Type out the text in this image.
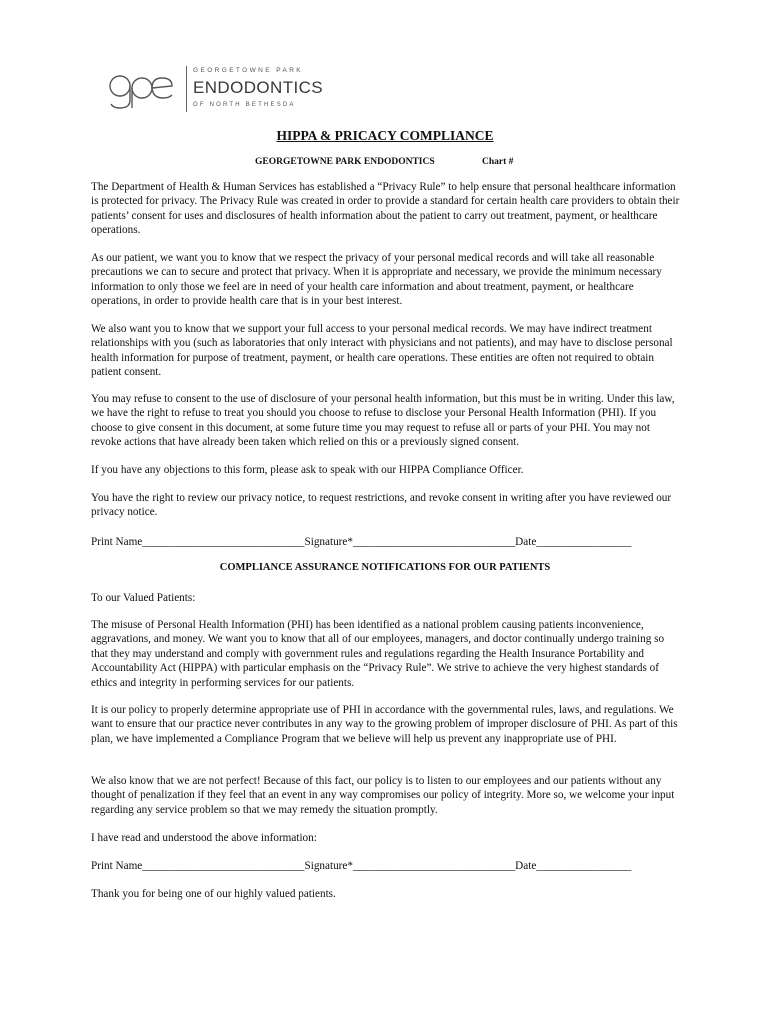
GEORGETOWNE PARK
ENDODONTICS
OF NORTH BETHESDA
HIPPA & PRICACY COMPLIANCE
GEORGETOWNE PARK ENDODONTICS	Chart #

The Department of Health & Human Services has established a “Privacy Rule” to help ensure that personal healthcare information is protected for privacy. The Privacy Rule was created in order to provide a standard for certain health care providers to obtain their patients’ consent for uses and disclosures of health information about the patient to carry out treatment, payment, or healthcare operations.

As our patient, we want you to know that we respect the privacy of your personal medical records and will take all reasonable precautions we can to secure and protect that privacy. When it is appropriate and necessary, we provide the minimum necessary information to only those we feel are in need of your health care information and about treatment, payment, or healthcare operations, in order to provide health care that is in your best interest.

We also want you to know that we support your full access to your personal medical records. We may have indirect treatment relationships with you (such as laboratories that only interact with physicians and not patients), and may have to disclose personal health information for purpose of treatment, payment, or health care operations. These entities are often not required to obtain patient consent.

You may refuse to consent to the use of disclosure of your personal health information, but this must be in writing. Under this law, we have the right to refuse to treat you should you choose to refuse to disclose your Personal Health Information (PHI). If you choose to give consent in this document, at some future time you may request to refuse all or parts of your PHI. You may not revoke actions that have already been taken which relied on this or a previously signed consent.

If you have any objections to this form, please ask to speak with our HIPPA Compliance Officer.

You have the right to review our privacy notice, to request restrictions, and revoke consent in writing after you have reviewed our privacy notice.

Print Name_____________________________Signature*_____________________________Date_________________
COMPLIANCE ASSURANCE NOTIFICATIONS FOR OUR PATIENTS

To our Valued Patients:

The misuse of Personal Health Information (PHI) has been identified as a national problem causing patients inconvenience, aggravations, and money. We want you to know that all of our employees, managers, and doctor continually undergo training so that they may understand and comply with government rules and regulations regarding the Health Insurance Portability and Accountability Act (HIPPA) with particular emphasis on the “Privacy Rule”. We strive to achieve the very highest standards of ethics and integrity in performing services for our patients.

It is our policy to properly determine appropriate use of PHI in accordance with the governmental rules, laws, and regulations. We want to ensure that our practice never contributes in any way to the growing problem of improper disclosure of PHI. As part of this plan, we have implemented a Compliance Program that we believe will help us prevent any inappropriate use of PHI.

We also know that we are not perfect! Because of this fact, our policy is to listen to our employees and our patients without any thought of penalization if they feel that an event in any way compromises our policy of integrity. More so, we welcome your input regarding any service problem so that we may remedy the situation promptly.

I have read and understood the above information:

Print Name_____________________________Signature*_____________________________Date_________________

Thank you for being one of our highly valued patients.
